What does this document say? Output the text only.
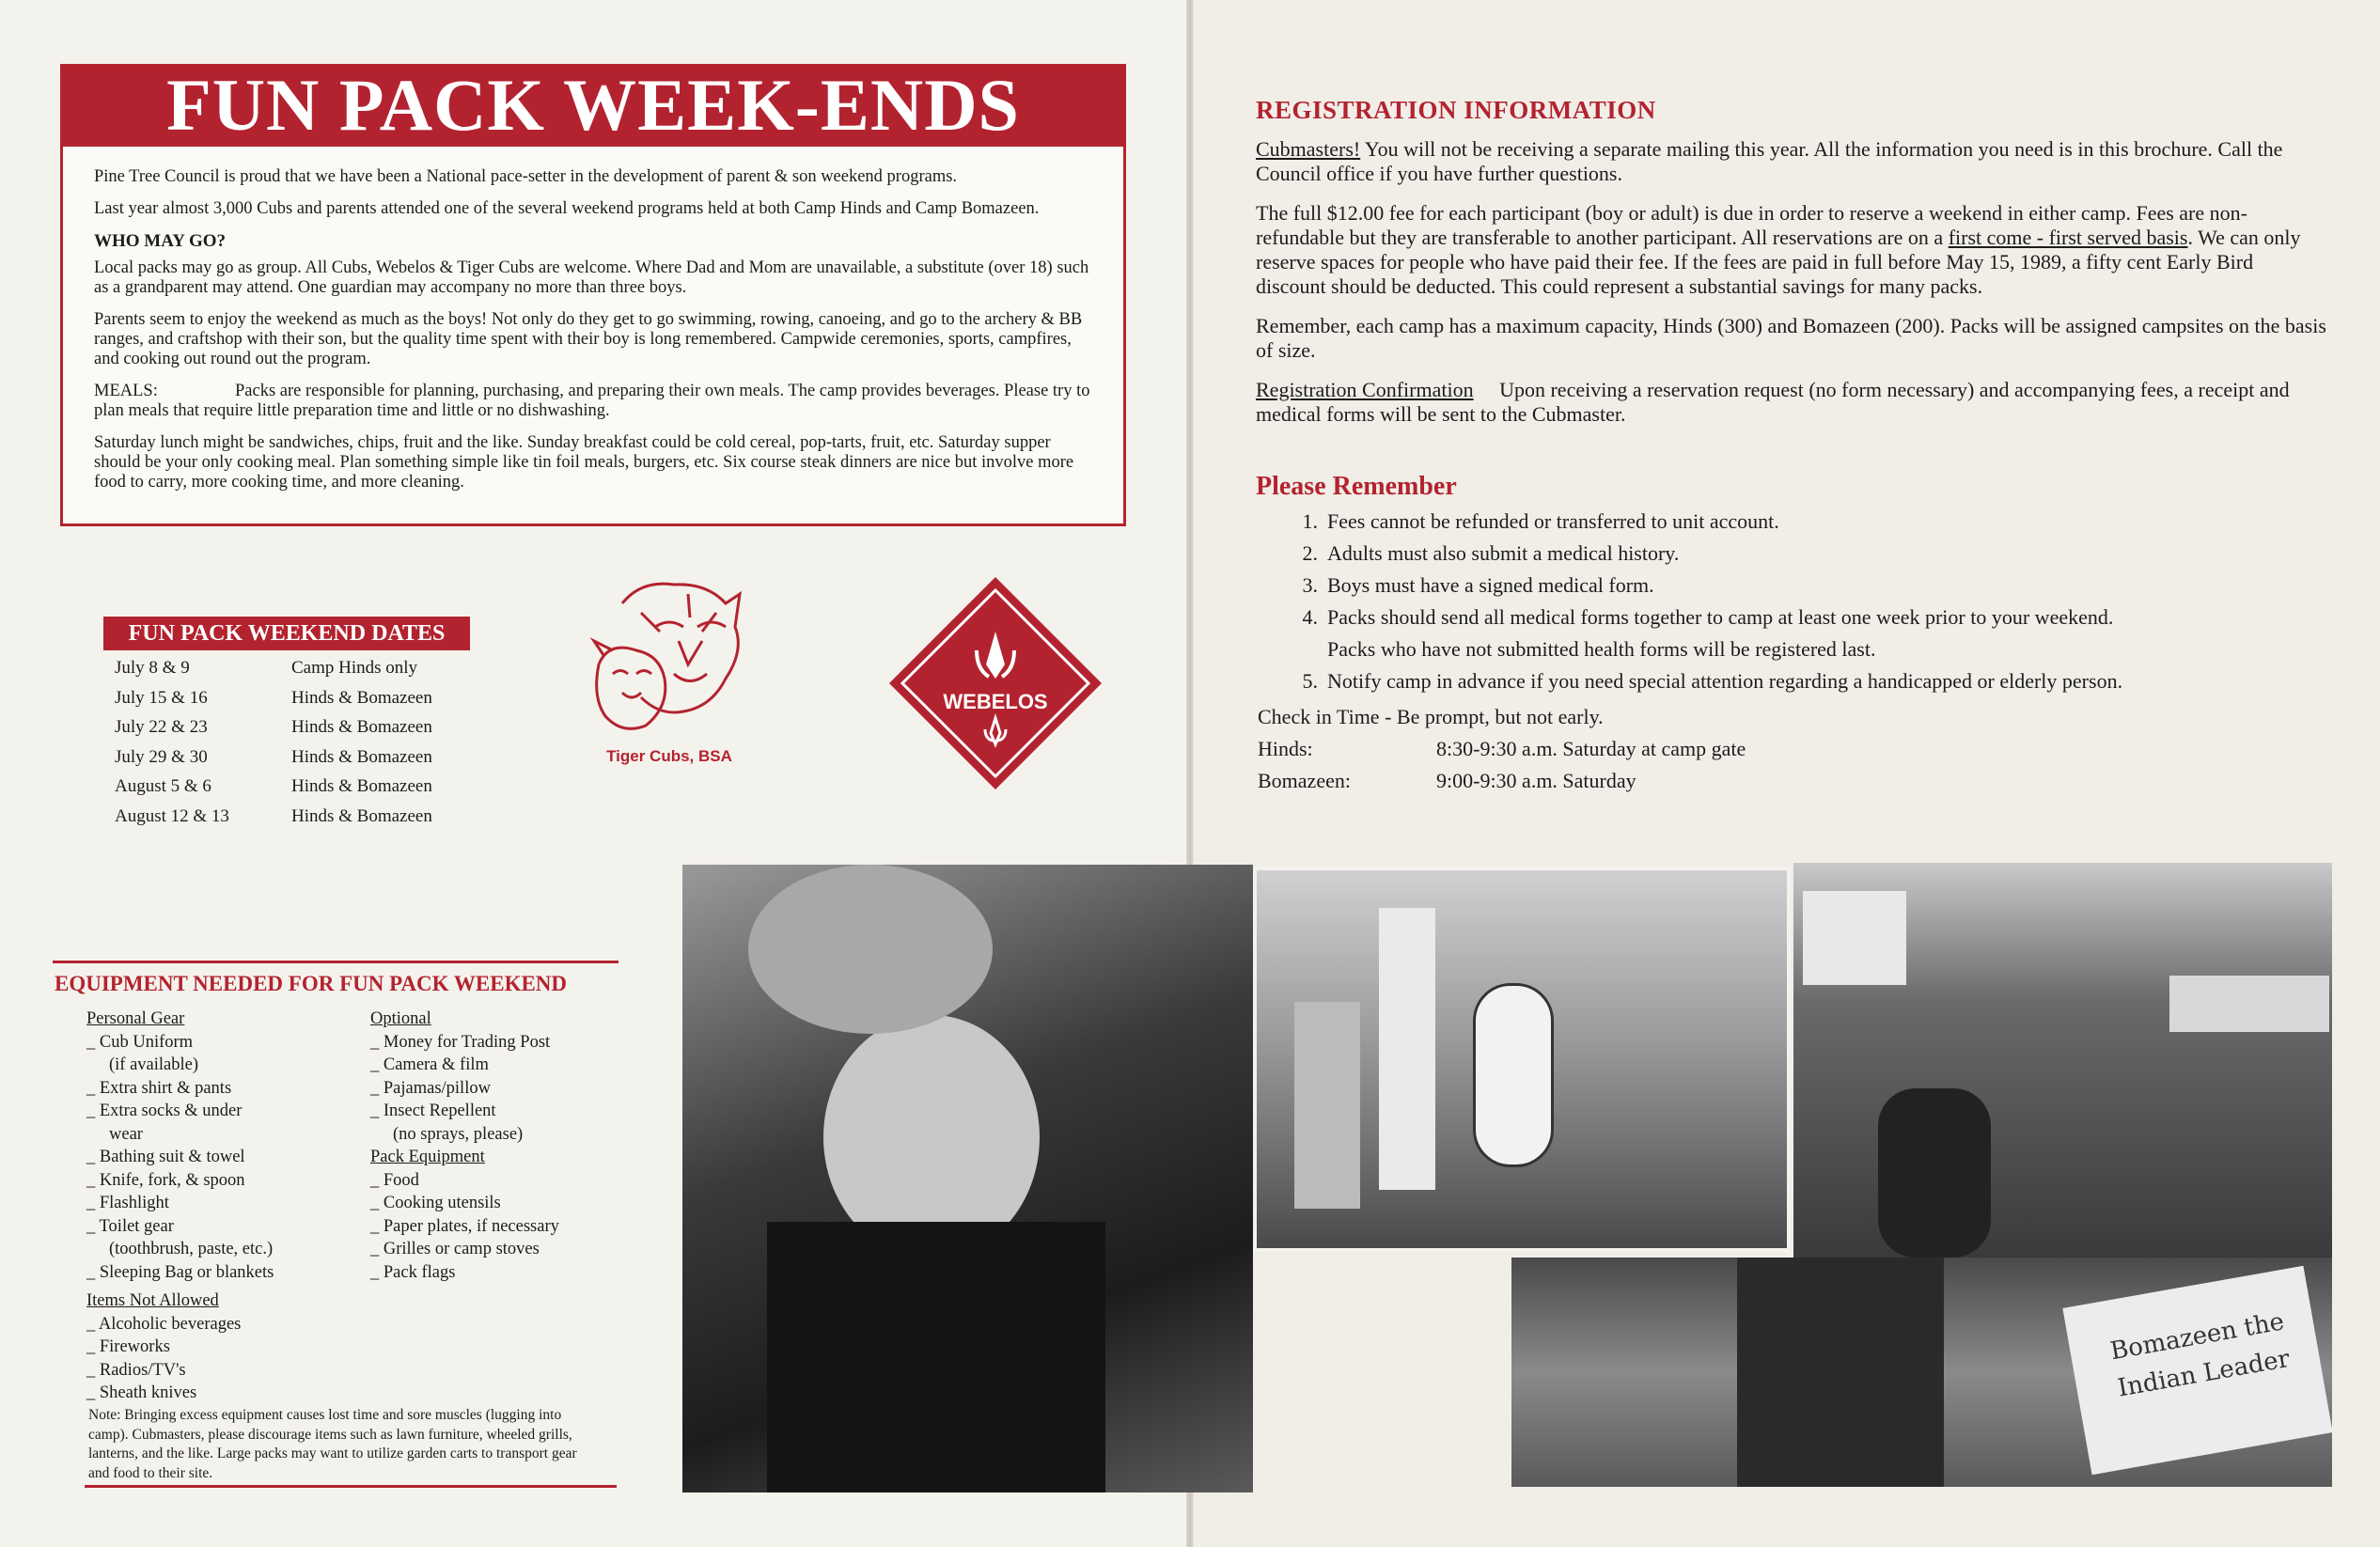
FUN PACK WEEK-ENDS

Pine Tree Council is proud that we have been a National pace-setter in the development of parent & son weekend programs.

Last year almost 3,000 Cubs and parents attended one of the several weekend programs held at both Camp Hinds and Camp Bomazeen.

WHO MAY GO?

Local packs may go as group. All Cubs, Webelos & Tiger Cubs are welcome. Where Dad and Mom are unavailable, a substitute (over 18) such as a grandparent may attend. One guardian may accompany no more than three boys.

Parents seem to enjoy the weekend as much as the boys! Not only do they get to go swimming, rowing, canoeing, and go to the archery & BB ranges, and craftshop with their son, but the quality time spent with their boy is long remembered. Campwide ceremonies, sports, campfires, and cooking out round out the program.

MEALS:	Packs are responsible for planning, purchasing, and preparing their own meals. The camp provides beverages. Please try to plan meals that require little preparation time and little or no dishwashing.

Saturday lunch might be sandwiches, chips, fruit and the like. Sunday breakfast could be cold cereal, pop-tarts, fruit, etc. Saturday supper should be your only cooking meal. Plan something simple like tin foil meals, burgers, etc. Six course steak dinners are nice but involve more food to carry, more cooking time, and more cleaning.

FUN PACK WEEKEND DATES
July 8 & 9	Camp Hinds only
July 15 & 16	Hinds & Bomazeen
July 22 & 23	Hinds & Bomazeen
July 29 & 30	Hinds & Bomazeen
August 5 & 6	Hinds & Bomazeen
August 12 & 13	Hinds & Bomazeen
Tiger Cubs, BSA
WEBELOS
EQUIPMENT NEEDED FOR FUN PACK WEEKEND
Personal Gear
_ Cub Uniform
(if available)
_ Extra shirt & pants
_ Extra socks & under
wear
_ Bathing suit & towel
_ Knife, fork, & spoon
_ Flashlight
_ Toilet gear
(toothbrush, paste, etc.)
_ Sleeping Bag or blankets
Items Not Allowed
_ Alcoholic beverages
_ Fireworks
_ Radios/TV's
_ Sheath knives
Optional
_ Money for Trading Post
_ Camera & film
_ Pajamas/pillow
_ Insect Repellent
(no sprays, please)
Pack Equipment
_ Food
_ Cooking utensils
_ Paper plates, if necessary
_ Grilles or camp stoves
_ Pack flags
Note: Bringing excess equipment causes lost time and sore muscles (lugging into camp). Cubmasters, please discourage items such as lawn furniture, wheeled grills, lanterns, and the like. Large packs may want to utilize garden carts to transport gear and food to their site.
Bomazeen the Indian Leader
REGISTRATION INFORMATION

Cubmasters! You will not be receiving a separate mailing this year. All the information you need is in this brochure. Call the Council office if you have further questions.

The full $12.00 fee for each participant (boy or adult) is due in order to reserve a weekend in either camp. Fees are non-refundable but they are transferable to another participant. All reservations are on a first come - first served basis. We can only reserve spaces for people who have paid their fee. If the fees are paid in full before May 15, 1989, a fifty cent Early Bird discount should be deducted. This could represent a substantial savings for many packs.

Remember, each camp has a maximum capacity, Hinds (300) and Bomazeen (200). Packs will be assigned campsites on the basis of size.

Registration Confirmation     Upon receiving a reservation request (no form necessary) and accompanying fees, a receipt and medical forms will be sent to the Cubmaster.

Please Remember
1. Fees cannot be refunded or transferred to unit account.
2. Adults must also submit a medical history.
3. Boys must have a signed medical form.
4. Packs should send all medical forms together to camp at least one week prior to your weekend.
Packs who have not submitted health forms will be registered last.
5. Notify camp in advance if you need special attention regarding a handicapped or elderly person.
Check in Time - Be prompt, but not early.
Hinds:	8:30-9:30 a.m. Saturday at camp gate
Bomazeen:	9:00-9:30 a.m. Saturday
